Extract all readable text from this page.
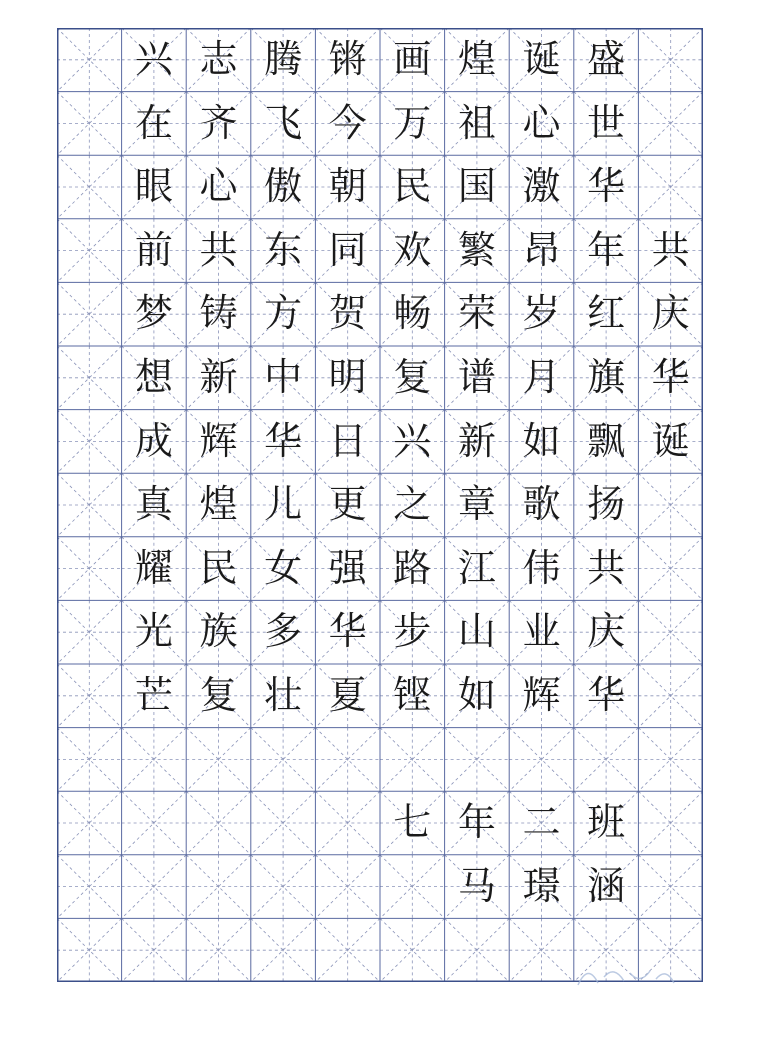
共
庆
华
诞
盛
世
华
年
红
旗
飘
扬
共
庆
华
诞
心
激
昂
岁
月
如
歌
伟
业
辉
煌
祖
国
繁
荣
谱
新
章
江
山
如
画
万
民
欢
畅
复
兴
之
路
步
铿
锵
今
朝
同
贺
明
日
更
强
华
夏
腾
飞
傲
东
方
中
华
儿
女
多
壮
志
齐
心
共
铸
新
辉
煌
民
族
复
兴
在
眼
前
梦
想
成
真
耀
光
芒
七 年 二 班
马 璟 涵
